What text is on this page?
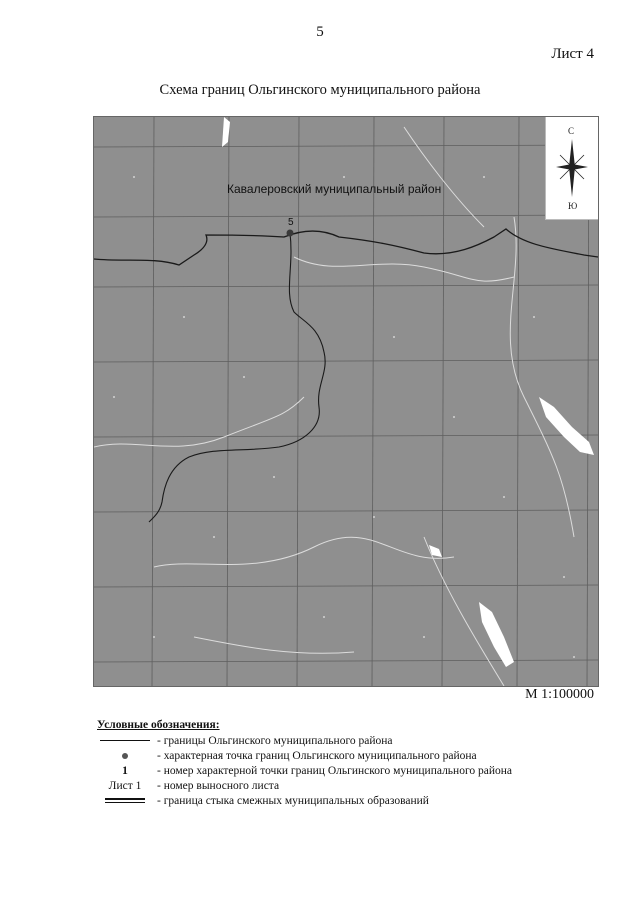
5
Лист 4
Схема границ Ольгинского муниципального района
Кавалеровский муниципальный район
5
С
Ю
М 1:100000
Условные обозначения:
- границы Ольгинского муниципального района
- характерная точка границ Ольгинского муниципального района
1	- номер характерной точки границ Ольгинского муниципального района
Лист 1 - номер выносного листа
- граница стыка смежных муниципальных образований
